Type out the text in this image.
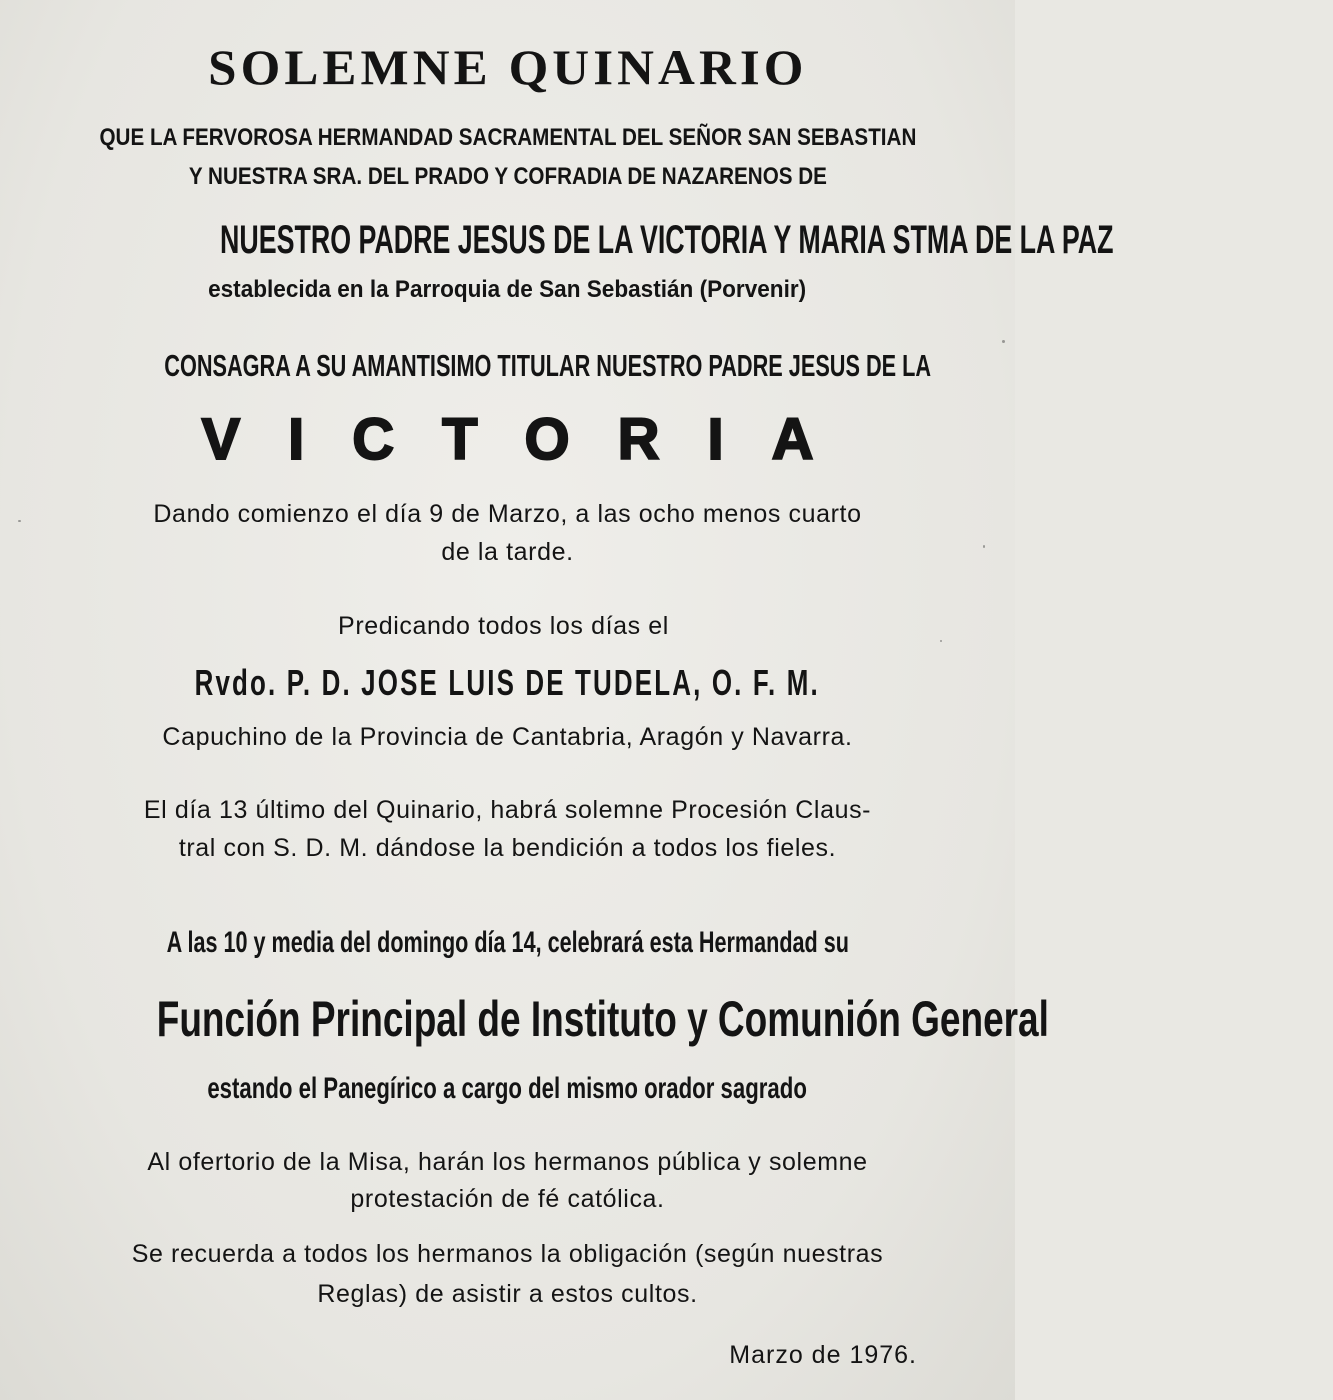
SOLEMNE QUINARIO
QUE LA FERVOROSA HERMANDAD SACRAMENTAL DEL SEÑOR SAN SEBASTIAN
Y NUESTRA SRA. DEL PRADO Y COFRADIA DE NAZARENOS DE
NUESTRO PADRE JESUS DE LA VICTORIA Y MARIA STMA DE LA PAZ
establecida en la Parroquia de San Sebastián (Porvenir)
CONSAGRA A SU AMANTISIMO TITULAR NUESTRO PADRE JESUS DE LA
VICTORIA
Dando comienzo el día 9 de Marzo, a las ocho menos cuarto
de la tarde.
Predicando todos los días el
Rvdo. P. D. JOSE LUIS DE TUDELA, O. F. M.
Capuchino de la Provincia de Cantabria, Aragón y Navarra.
El día 13 último del Quinario, habrá solemne Procesión Claus-
tral con S. D. M. dándose la bendición a todos los fieles.
A las 10 y media del domingo día 14, celebrará esta Hermandad su
Función Principal de Instituto y Comunión General
estando el Panegírico a cargo del mismo orador sagrado
Al ofertorio de la Misa, harán los hermanos pública y solemne
protestación de fé católica.
Se recuerda a todos los hermanos la obligación (según nuestras
Reglas) de asistir a estos cultos.

Marzo de 1976.
